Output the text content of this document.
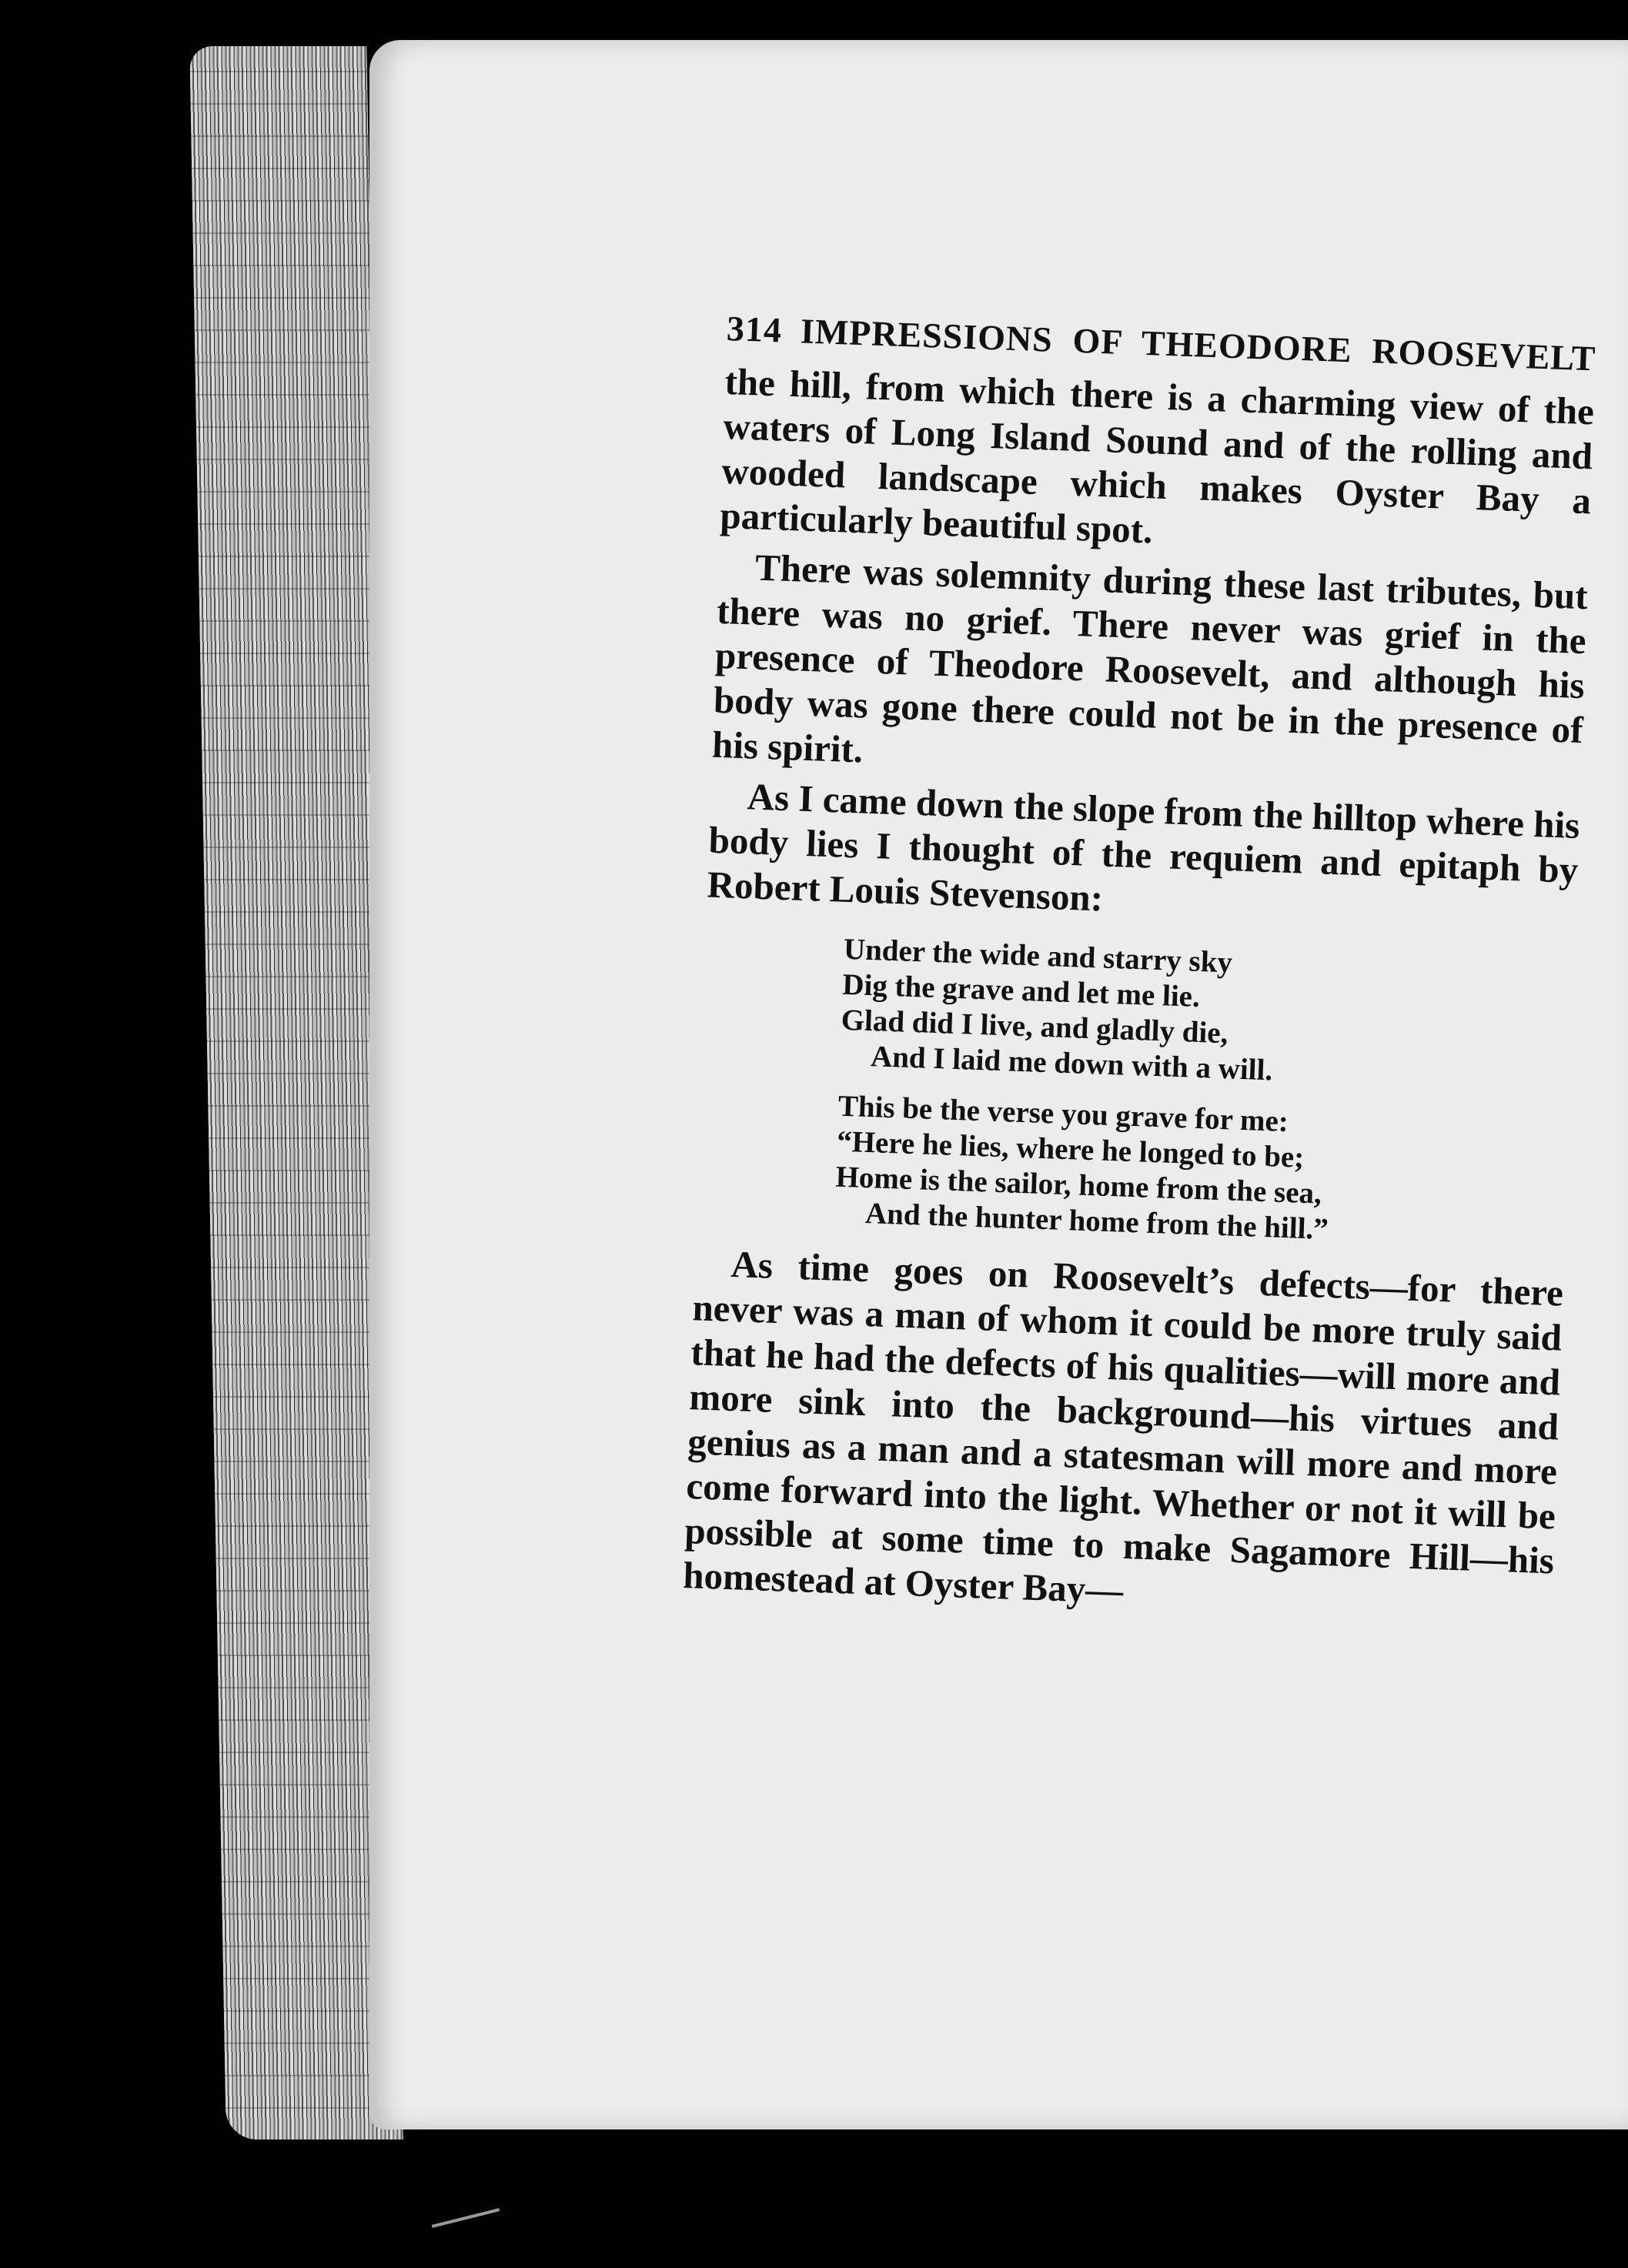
314 IMPRESSIONS OF THEODORE ROOSEVELT

the hill, from which there is a charming view of the waters of Long Island Sound and of the rolling and wooded landscape which makes Oyster Bay a particularly beautiful spot.

There was solemnity during these last tributes, but there was no grief. There never was grief in the presence of Theodore Roosevelt, and although his body was gone there could not be in the presence of his spirit.

As I came down the slope from the hilltop where his body lies I thought of the requiem and epitaph by Robert Louis Stevenson:

Under the wide and starry sky
Dig the grave and let me lie.
Glad did I live, and gladly die,
And I laid me down with a will.
This be the verse you grave for me:
“Here he lies, where he longed to be;
Home is the sailor, home from the sea,
And the hunter home from the hill.”

As time goes on Roosevelt’s defects—for there never was a man of whom it could be more truly said that he had the defects of his qualities—will more and more sink into the background—his virtues and genius as a man and a statesman will more and more come forward into the light. Whether or not it will be possible at some time to make Sagamore Hill—his homestead at Oyster Bay—
